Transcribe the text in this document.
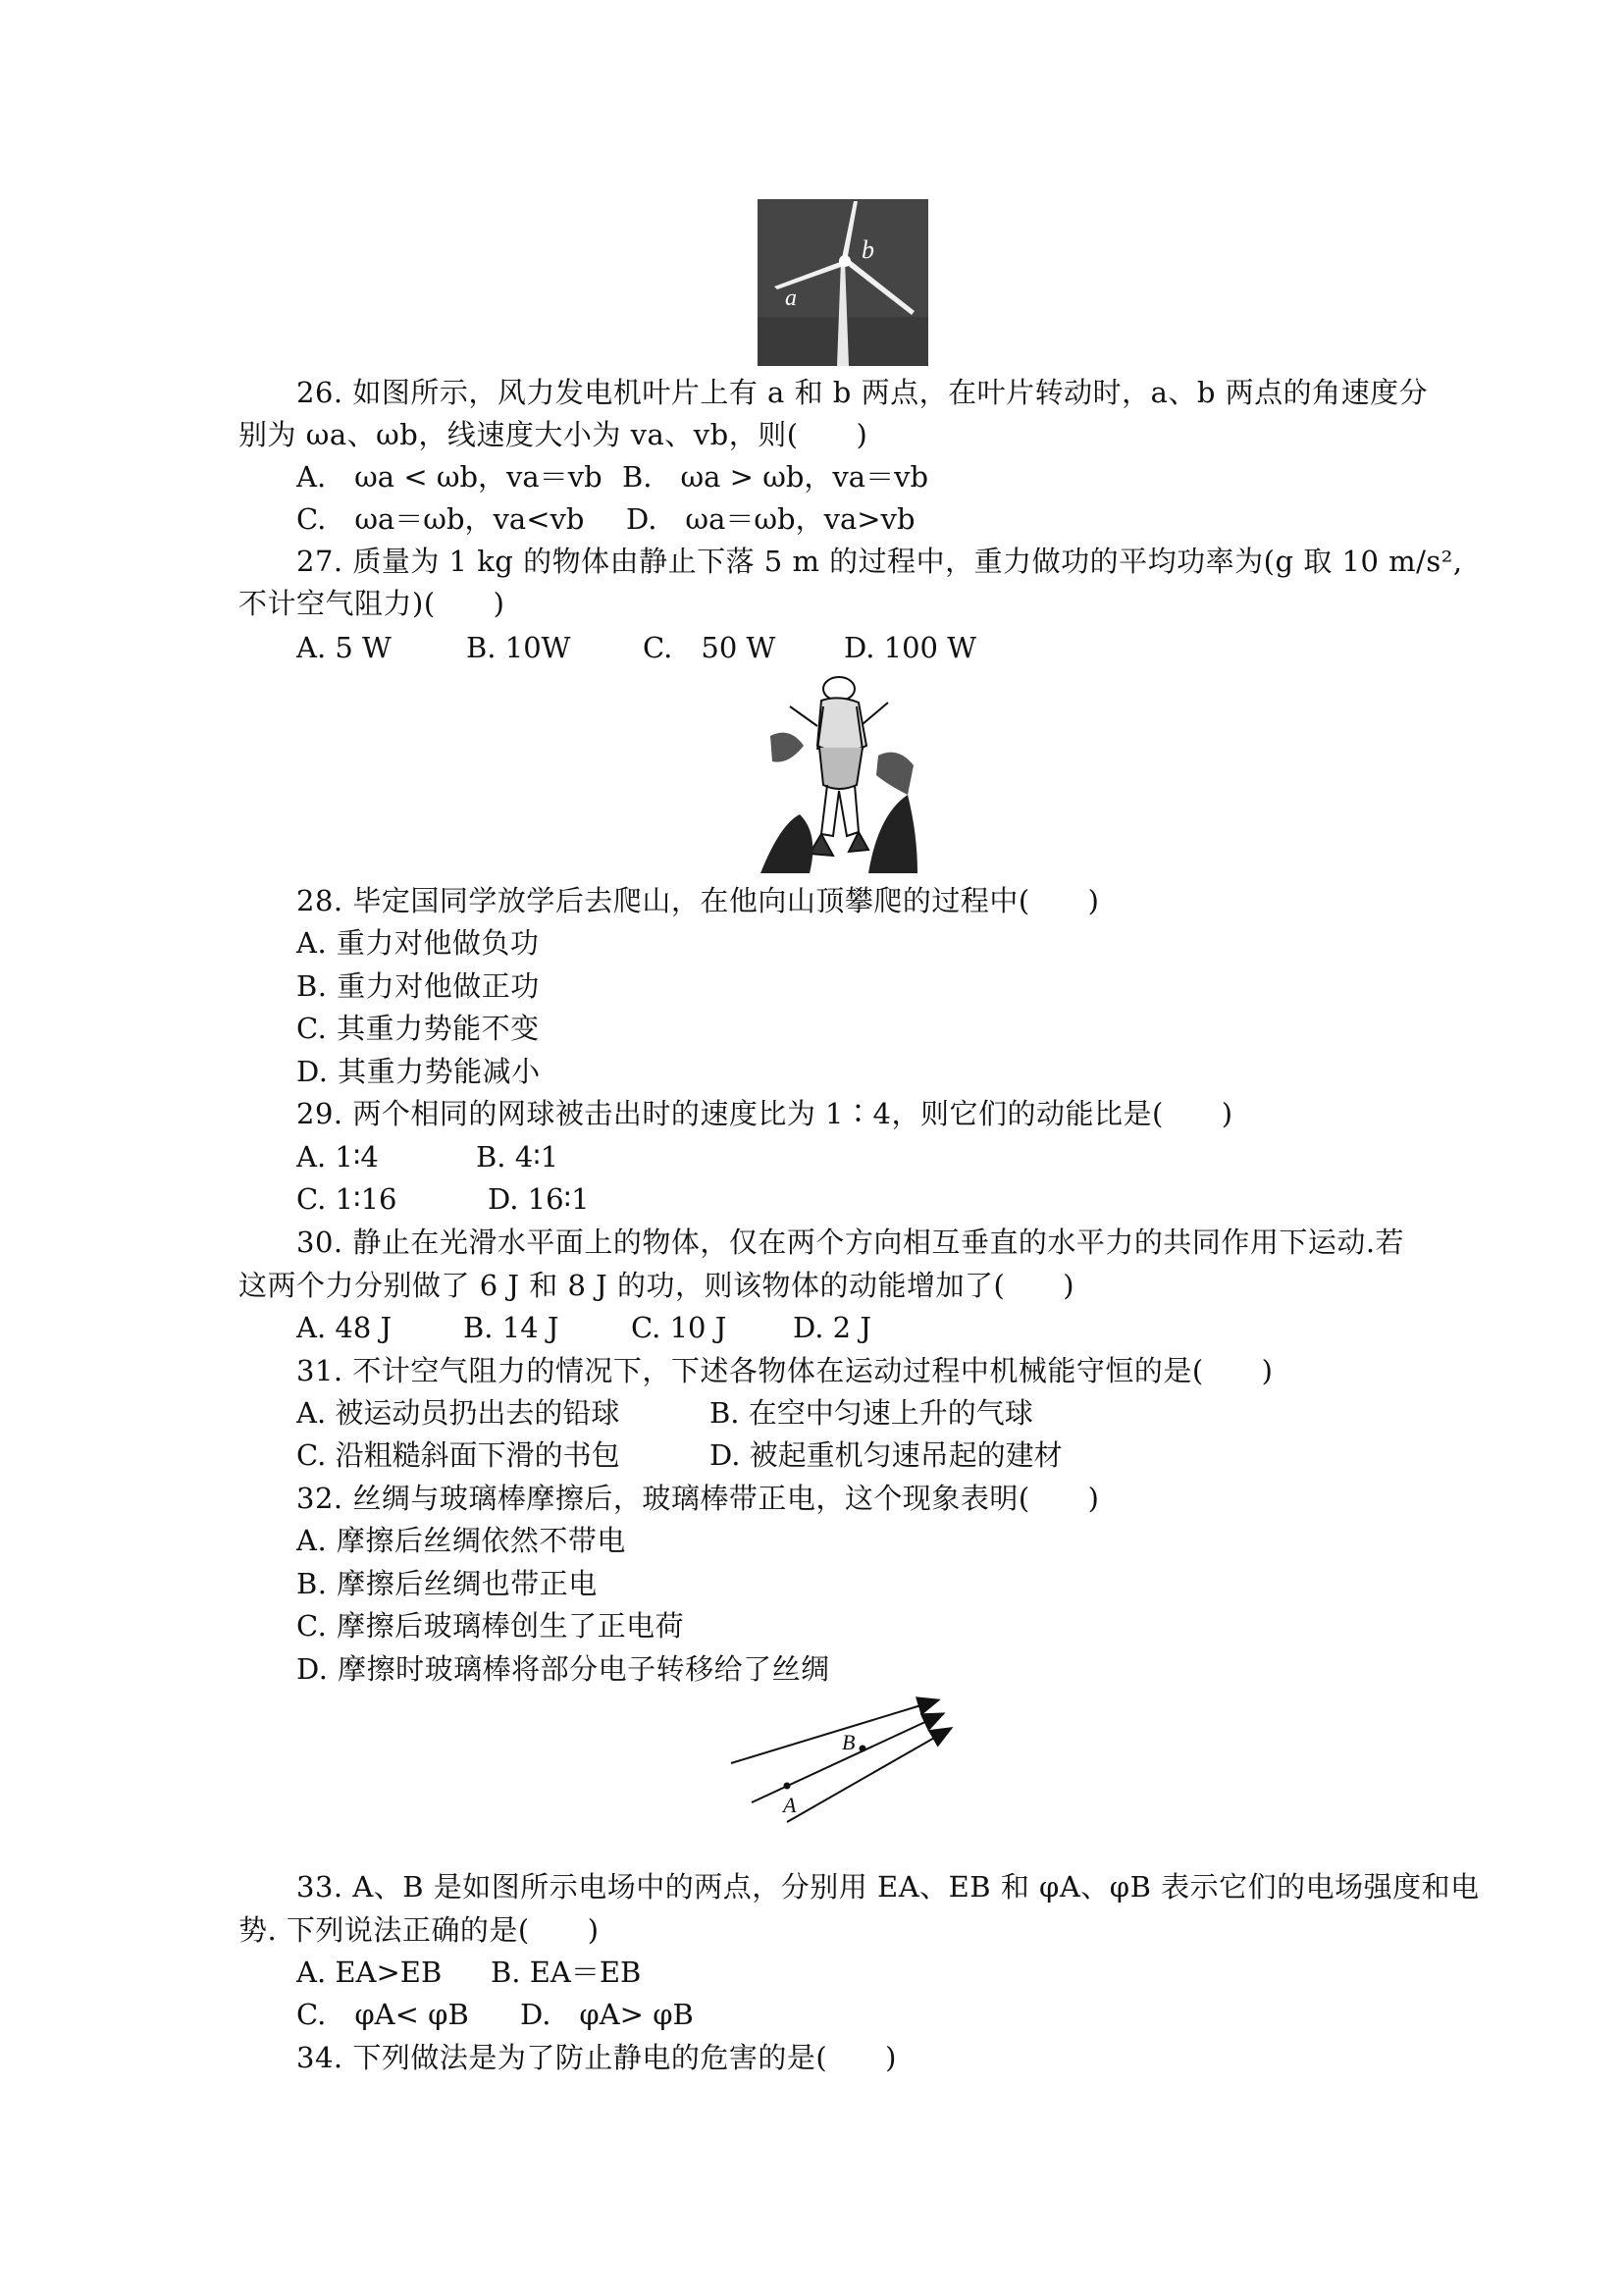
b
a
26. 如图所示，风力发电机叶片上有 a 和 b 两点，在叶片转动时，a、b 两点的角速度分
别为 ωa、ωb，线速度大小为 va、vb，则(　　)
A.　ωa < ωb，va＝vb B.　ωa > ωb，va＝vb
C.　ωa＝ωb，va<vb D.　ωa＝ωb，va>vb
27. 质量为 1 kg 的物体由静止下落 5 m 的过程中，重力做功的平均功率为(g 取 10 m/s²,
不计空气阻力)(　　)
A. 5 W	B. 10W	C.　50 W D. 100 W
28. 毕定国同学放学后去爬山，在他向山顶攀爬的过程中(　　)
A. 重力对他做负功
B. 重力对他做正功
C. 其重力势能不变
D. 其重力势能减小
29. 两个相同的网球被击出时的速度比为 1∶4，则它们的动能比是(　　)
A. 1∶4	B. 4∶1
C. 1∶16	D. 16∶1
30. 静止在光滑水平面上的物体，仅在两个方向相互垂直的水平力的共同作用下运动.若
这两个力分别做了 6 J 和 8 J 的功，则该物体的动能增加了(　　)
A. 48 J	B. 14 J	C. 10 J D. 2 J
31. 不计空气阻力的情况下，下述各物体在运动过程中机械能守恒的是(　　)
A. 被运动员扔出去的铅球	B. 在空中匀速上升的气球
C. 沿粗糙斜面下滑的书包	D. 被起重机匀速吊起的建材
32. 丝绸与玻璃棒摩擦后，玻璃棒带正电，这个现象表明(　　)
A. 摩擦后丝绸依然不带电
B. 摩擦后丝绸也带正电
C. 摩擦后玻璃棒创生了正电荷
D. 摩擦时玻璃棒将部分电子转移给了丝绸
B
A
33. A、B 是如图所示电场中的两点，分别用 EA、EB 和 φA、φB 表示它们的电场强度和电
势. 下列说法正确的是(　　)
A. EA>EB B. EA＝EB
C.　φA< φB D.　φA> φB
34. 下列做法是为了防止静电的危害的是(　　)
